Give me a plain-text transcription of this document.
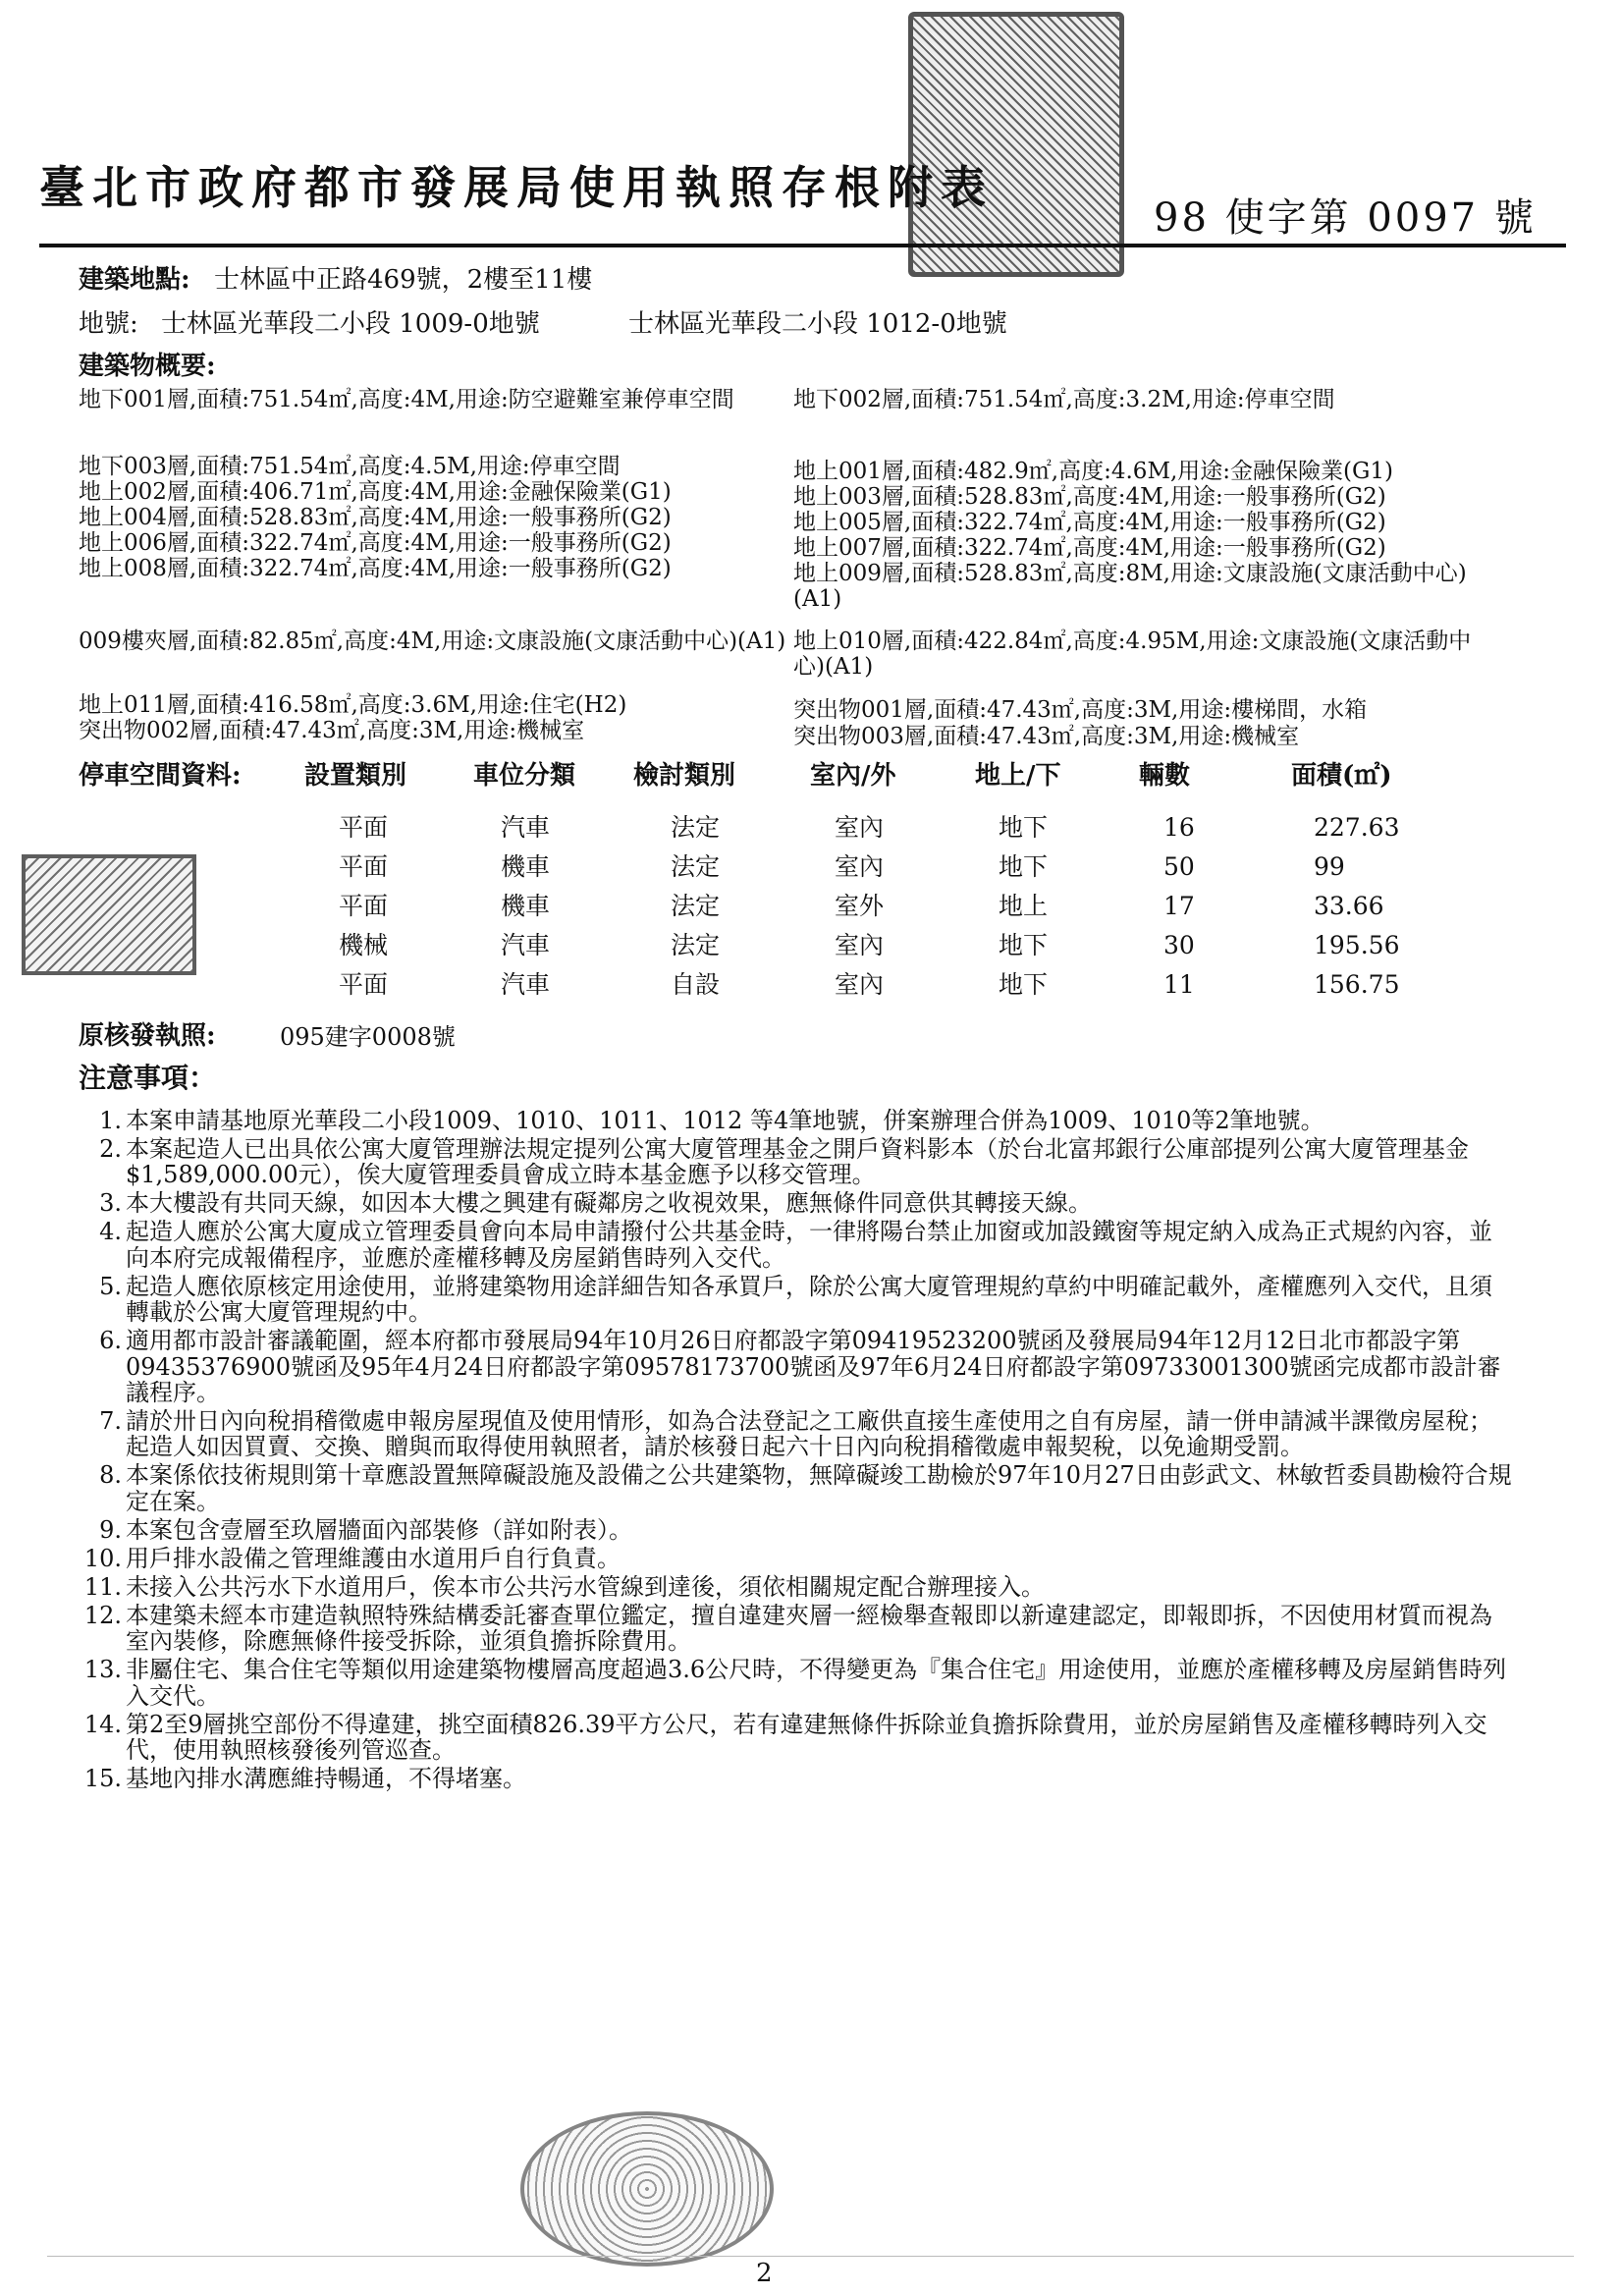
臺北市政府都市發展局使用執照存根附表
98 使字第 0097 號
建築地點: 士林區中正路469號，2樓至11樓
地號: 士林區光華段二小段 1009-0地號	士林區光華段二小段 1012-0地號
建築物概要:
地下001層,面積:751.54㎡,高度:4M,用途:防空避難室兼停車空間	地下002層,面積:751.54㎡,高度:3.2M,用途:停車空間
地下003層,面積:751.54㎡,高度:4.5M,用途:停車空間	地上001層,面積:482.9㎡,高度:4.6M,用途:金融保險業(G1)
地上002層,面積:406.71㎡,高度:4M,用途:金融保險業(G1)	地上003層,面積:528.83㎡,高度:4M,用途:一般事務所(G2)
地上004層,面積:528.83㎡,高度:4M,用途:一般事務所(G2)	地上005層,面積:322.74㎡,高度:4M,用途:一般事務所(G2)
地上006層,面積:322.74㎡,高度:4M,用途:一般事務所(G2)	地上007層,面積:322.74㎡,高度:4M,用途:一般事務所(G2)
地上008層,面積:322.74㎡,高度:4M,用途:一般事務所(G2)	地上009層,面積:528.83㎡,高度:8M,用途:文康設施(文康活動中心)(A1)
009樓夾層,面積:82.85㎡,高度:4M,用途:文康設施(文康活動中心)(A1) 地上010層,面積:422.84㎡,高度:4.95M,用途:文康設施(文康活動中心)(A1)
地上011層,面積:416.58㎡,高度:3.6M,用途:住宅(H2)	突出物001層,面積:47.43㎡,高度:3M,用途:樓梯間，水箱
突出物002層,面積:47.43㎡,高度:3M,用途:機械室	突出物003層,面積:47.43㎡,高度:3M,用途:機械室
停車空間資料: 設置類別	車位分類 檢討類別	室內/外	地上/下	輛數	面積(㎡)
平面	汽車	法定	室內	地下	16	227.63
平面	機車	法定	室內	地下	50	99
平面	機車	法定	室外	地上	17	33.66
機械	汽車	法定	室內	地下	30	195.56
平面	汽車	自設	室內	地下	11	156.75
原核發執照:	095建字0008號
注意事項：
1. 本案申請基地原光華段二小段1009、1010、1011、1012 等4筆地號，併案辦理合併為1009、1010等2筆地號。
2. 本案起造人已出具依公寓大廈管理辦法規定提列公寓大廈管理基金之開戶資料影本（於台北富邦銀行公庫部提列公寓大廈管理基金$1,589,000.00元），俟大廈管理委員會成立時本基金應予以移交管理。
3. 本大樓設有共同天線，如因本大樓之興建有礙鄰房之收視效果，應無條件同意供其轉接天線。
4. 起造人應於公寓大廈成立管理委員會向本局申請撥付公共基金時，一律將陽台禁止加窗或加設鐵窗等規定納入成為正式規約內容，並向本府完成報備程序，並應於產權移轉及房屋銷售時列入交代。
5. 起造人應依原核定用途使用，並將建築物用途詳細告知各承買戶，除於公寓大廈管理規約草約中明確記載外，產權應列入交代，且須轉載於公寓大廈管理規約中。
6. 適用都市設計審議範圍，經本府都市發展局94年10月26日府都設字第09419523200號函及發展局94年12月12日北市都設字第09435376900號函及95年4月24日府都設字第09578173700號函及97年6月24日府都設字第09733001300號函完成都市設計審議程序。
7. 請於卅日內向稅捐稽徵處申報房屋現值及使用情形，如為合法登記之工廠供直接生產使用之自有房屋，請一併申請減半課徵房屋稅；起造人如因買賣、交換、贈與而取得使用執照者，請於核發日起六十日內向稅捐稽徵處申報契稅，以免逾期受罰。
8. 本案係依技術規則第十章應設置無障礙設施及設備之公共建築物，無障礙竣工勘檢於97年10月27日由彭武文、林敏哲委員勘檢符合規定在案。
9. 本案包含壹層至玖層牆面內部裝修（詳如附表）。
10. 用戶排水設備之管理維護由水道用戶自行負責。
11. 未接入公共污水下水道用戶，俟本市公共污水管線到達後，須依相關規定配合辦理接入。
12. 本建築未經本市建造執照特殊結構委託審查單位鑑定，擅自違建夾層一經檢舉查報即以新違建認定，即報即拆，不因使用材質而視為室內裝修，除應無條件接受拆除，並須負擔拆除費用。
13. 非屬住宅、集合住宅等類似用途建築物樓層高度超過3.6公尺時，不得變更為『集合住宅』用途使用，並應於產權移轉及房屋銷售時列入交代。
14. 第2至9層挑空部份不得違建，挑空面積826.39平方公尺，若有違建無條件拆除並負擔拆除費用，並於房屋銷售及產權移轉時列入交代，使用執照核發後列管巡查。
15. 基地內排水溝應維持暢通，不得堵塞。
2
